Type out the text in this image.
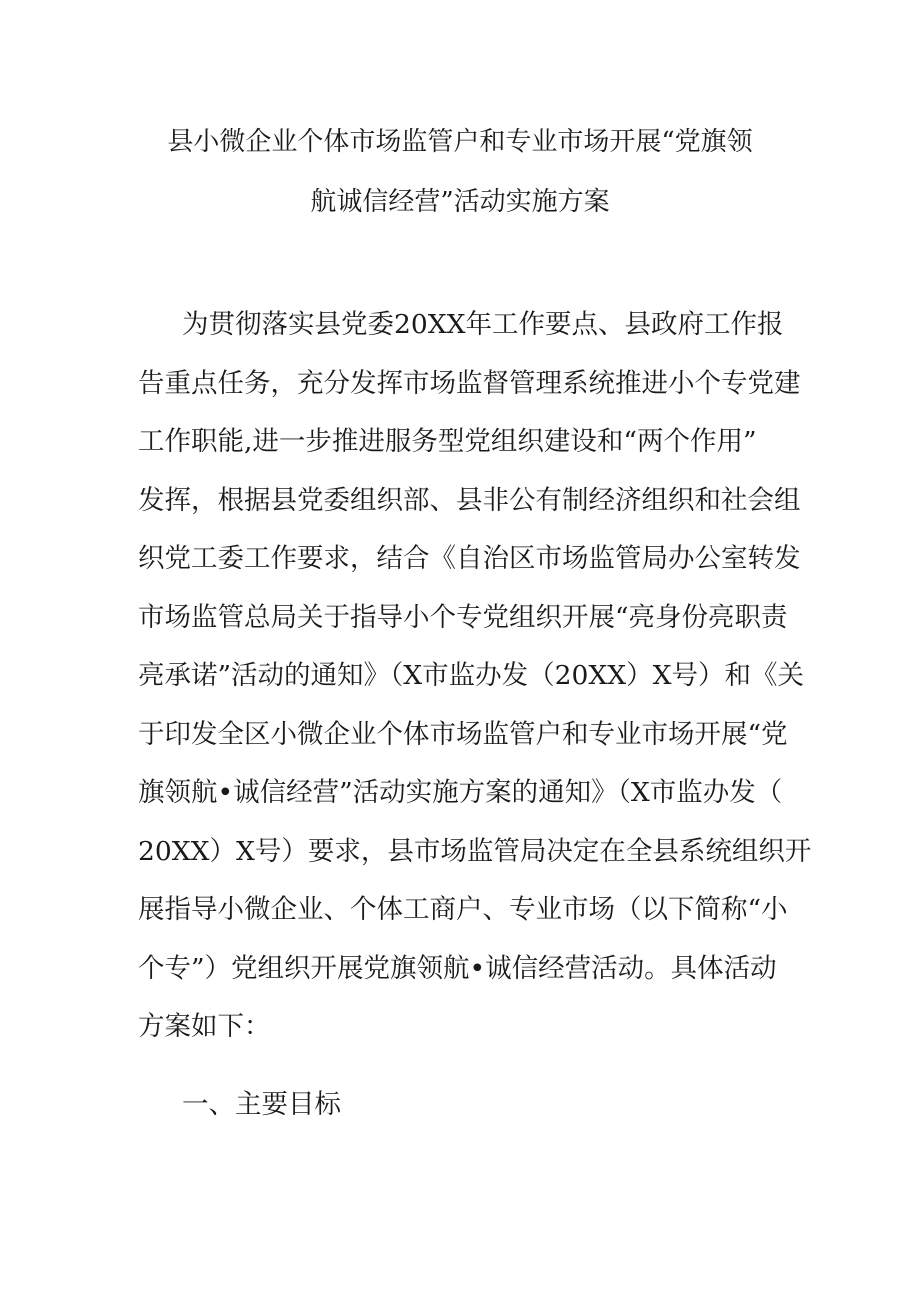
县小微企业个体市场监管户和专业市场开展“党旗领
航诚信经营”活动实施方案
为贯彻落实县党委20XX年工作要点、县政府工作报
告重点任务，充分发挥市场监督管理系统推进小个专党建
工作职能,进一步推进服务型党组织建设和“两个作用”
发挥，根据县党委组织部、县非公有制经济组织和社会组
织党工委工作要求，结合《自治区市场监管局办公室转发
市场监管总局关于指导小个专党组织开展“亮身份亮职责
亮承诺”活动的通知》（X市监办发（20XX）X号）和《关
于印发全区小微企业个体市场监管户和专业市场开展“党
旗领航•诚信经营”活动实施方案的通知》（X市监办发（
20XX）X号）要求，县市场监管局决定在全县系统组织开
展指导小微企业、个体工商户、专业市场（以下简称“小
个专”）党组织开展党旗领航•诚信经营活动。具体活动
方案如下：
一、主要目标
